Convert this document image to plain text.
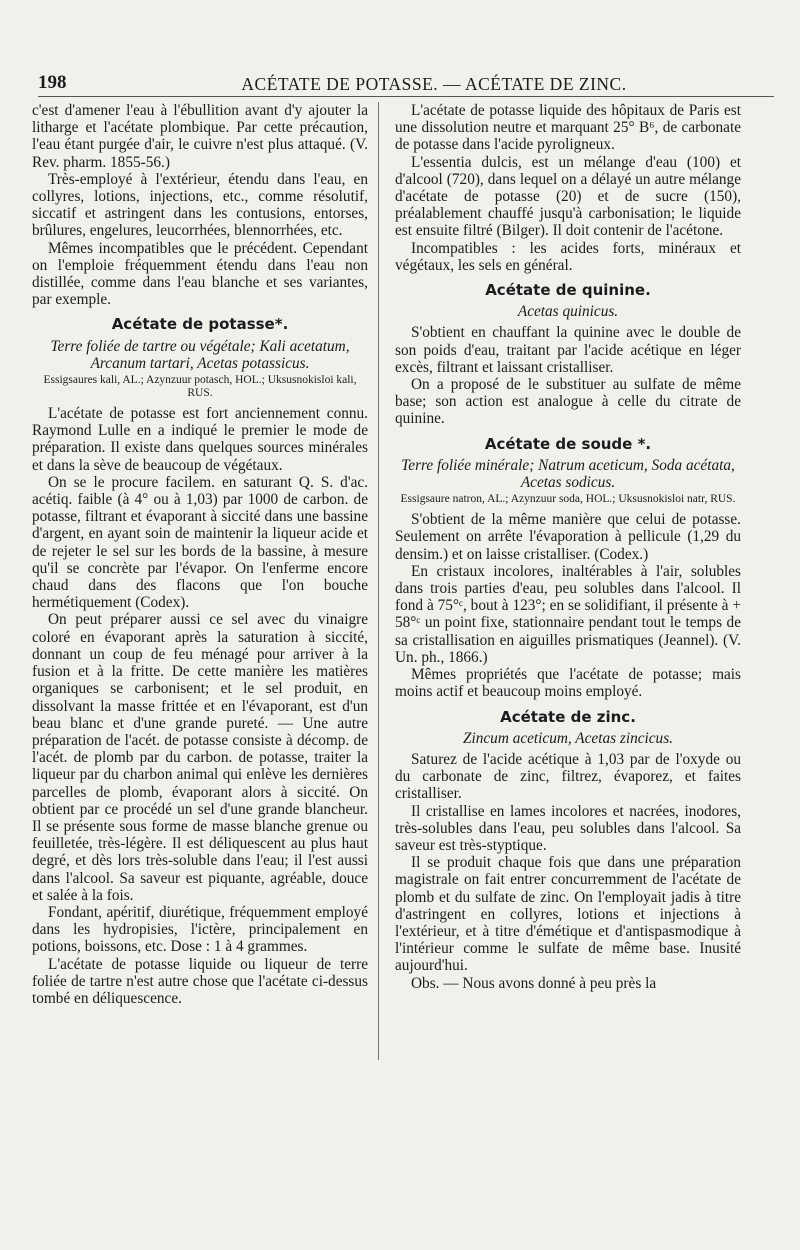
198	ACÉTATE DE POTASSE. — ACÉTATE DE ZINC.

c'est d'amener l'eau à l'ébullition avant d'y ajouter la litharge et l'acétate plombique. Par cette précaution, l'eau étant purgée d'air, le cuivre n'est plus attaqué. (V. Rev. pharm. 1855-56.)

Très-employé à l'extérieur, étendu dans l'eau, en collyres, lotions, injections, etc., comme résolutif, siccatif et astringent dans les contusions, entorses, brûlures, engelures, leucorrhées, blennorrhées, etc.

Mêmes incompatibles que le précédent. Cependant on l'emploie fréquemment étendu dans l'eau non distillée, comme dans l'eau blanche et ses variantes, par exemple.

Acétate de potasse*.

Terre foliée de tartre ou végétale; Kali acetatum, Arcanum tartari, Acetas potassicus.

Essigsaures kali, AL.; Azynzuur potasch, HOL.; Uksusnokisloi kali, RUS.

L'acétate de potasse est fort anciennement connu. Raymond Lulle en a indiqué le premier le mode de préparation. Il existe dans quelques sources minérales et dans la sève de beaucoup de végétaux.

On se le procure facilem. en saturant Q. S. d'ac. acétiq. faible (à 4° ou à 1,03) par 1000 de carbon. de potasse, filtrant et évaporant à siccité dans une bassine d'argent, en ayant soin de maintenir la liqueur acide et de rejeter le sel sur les bords de la bassine, à mesure qu'il se concrète par l'évapor. On l'enferme encore chaud dans des flacons que l'on bouche hermétiquement (Codex).

On peut préparer aussi ce sel avec du vinaigre coloré en évaporant après la saturation à siccité, donnant un coup de feu ménagé pour arriver à la fusion et à la fritte. De cette manière les matières organiques se carbonisent; et le sel produit, en dissolvant la masse frittée et en l'évaporant, est d'un beau blanc et d'une grande pureté. — Une autre préparation de l'acét. de potasse consiste à décomp. de l'acét. de plomb par du carbon. de potasse, traiter la liqueur par du charbon animal qui enlève les dernières parcelles de plomb, évaporant alors à siccité. On obtient par ce procédé un sel d'une grande blancheur. Il se présente sous forme de masse blanche grenue ou feuilletée, très-légère. Il est déliquescent au plus haut degré, et dès lors très-soluble dans l'eau; il l'est aussi dans l'alcool. Sa saveur est piquante, agréable, douce et salée à la fois.

Fondant, apéritif, diurétique, fréquemment employé dans les hydropisies, l'ictère, principalement en potions, boissons, etc. Dose : 1 à 4 grammes.

L'acétate de potasse liquide ou liqueur de terre foliée de tartre n'est autre chose que l'acétate ci-dessus tombé en déliquescence.

L'acétate de potasse liquide des hôpitaux de Paris est une dissolution neutre et marquant 25° B⁶, de carbonate de potasse dans l'acide pyroligneux.

L'essentia dulcis, est un mélange d'eau (100) et d'alcool (720), dans lequel on a délayé un autre mélange d'acétate de potasse (20) et de sucre (150), préalablement chauffé jusqu'à carbonisation; le liquide est ensuite filtré (Bilger). Il doit contenir de l'acétone.

Incompatibles : les acides forts, minéraux et végétaux, les sels en général.

Acétate de quinine.

Acetas quinicus.

S'obtient en chauffant la quinine avec le double de son poids d'eau, traitant par l'acide acétique en léger excès, filtrant et laissant cristalliser.

On a proposé de le substituer au sulfate de même base; son action est analogue à celle du citrate de quinine.

Acétate de soude *.

Terre foliée minérale; Natrum aceticum, Soda acétata, Acetas sodicus.

Essigsaure natron, AL.; Azynzuur soda, HOL.; Uksusnokisloi natr, RUS.

S'obtient de la même manière que celui de potasse. Seulement on arrête l'évaporation à pellicule (1,29 du densim.) et on laisse cristalliser. (Codex.)

En cristaux incolores, inaltérables à l'air, solubles dans trois parties d'eau, peu solubles dans l'alcool. Il fond à 75°ᶜ, bout à 123°; en se solidifiant, il présente à + 58°ᶜ un point fixe, stationnaire pendant tout le temps de sa cristallisation en aiguilles prismatiques (Jeannel). (V. Un. ph., 1866.)

Mêmes propriétés que l'acétate de potasse; mais moins actif et beaucoup moins employé.

Acétate de zinc.

Zincum aceticum, Acetas zincicus.

Saturez de l'acide acétique à 1,03 par de l'oxyde ou du carbonate de zinc, filtrez, évaporez, et faites cristalliser.

Il cristallise en lames incolores et nacrées, inodores, très-solubles dans l'eau, peu solubles dans l'alcool. Sa saveur est très-styptique.

Il se produit chaque fois que dans une préparation magistrale on fait entrer concurremment de l'acétate de plomb et du sulfate de zinc. On l'employait jadis à titre d'astringent en collyres, lotions et injections à l'extérieur, et à titre d'émétique et d'antispasmodique à l'intérieur comme le sulfate de même base. Inusité aujourd'hui.

Obs. — Nous avons donné à peu près la
